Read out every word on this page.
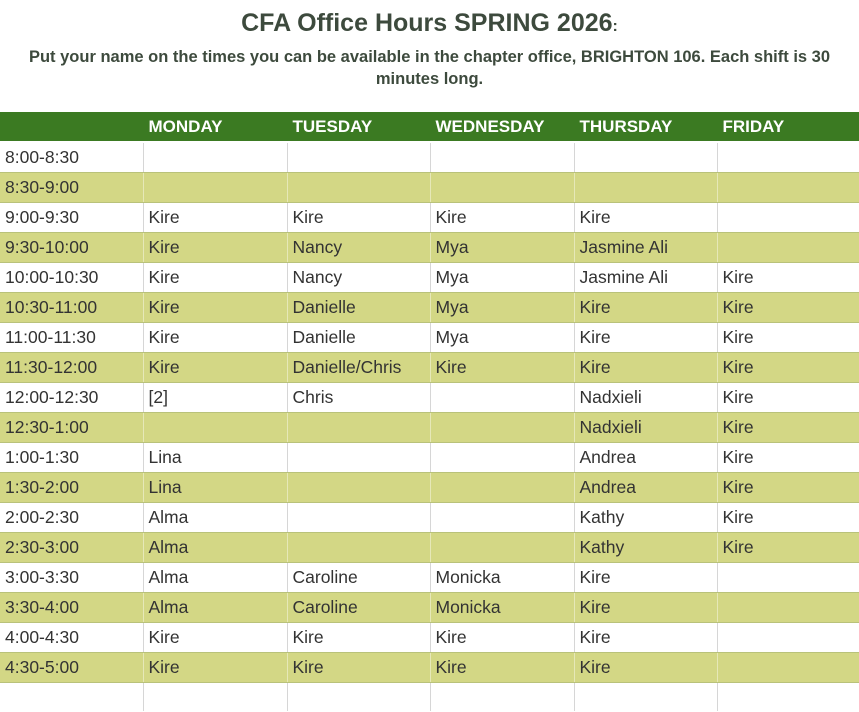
CFA Office Hours SPRING 2026:
Put your name on the times you can be available in the chapter office, BRIGHTON 106. Each shift is 30 minutes long.
	MONDAY	TUESDAY	WEDNESDAY	THURSDAY	FRIDAY
8:00-8:30					
8:30-9:00					
9:00-9:30	Kire	Kire	Kire	Kire	
9:30-10:00	Kire	Nancy	Mya	Jasmine Ali	
10:00-10:30	Kire	Nancy	Mya	Jasmine Ali	Kire
10:30-11:00	Kire	Danielle	Mya	Kire	Kire
11:00-11:30	Kire	Danielle	Mya	Kire	Kire
11:30-12:00	Kire	Danielle/Chris	Kire	Kire	Kire
12:00-12:30	[2]	Chris		Nadxieli	Kire
12:30-1:00				Nadxieli	Kire
1:00-1:30	Lina			Andrea	Kire
1:30-2:00	Lina			Andrea	Kire
2:00-2:30	Alma			Kathy	Kire
2:30-3:00	Alma			Kathy	Kire
3:00-3:30	Alma	Caroline	Monicka	Kire	
3:30-4:00	Alma	Caroline	Monicka	Kire	
4:00-4:30	Kire	Kire	Kire	Kire	
4:30-5:00	Kire	Kire	Kire	Kire	
